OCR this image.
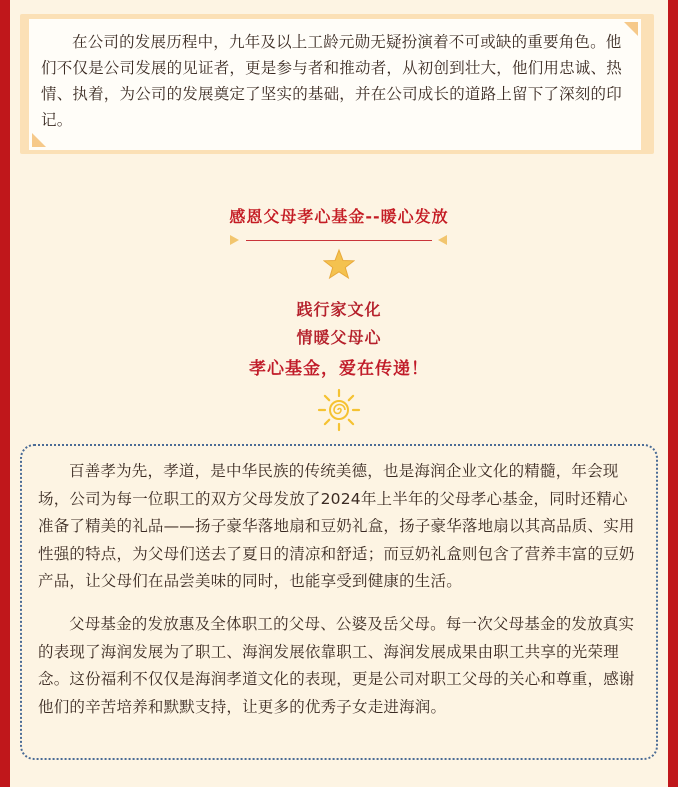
在公司的发展历程中，九年及以上工龄元勋无疑扮演着不可或缺的重要角色。他们不仅是公司发展的见证者，更是参与者和推动者，从初创到壮大，他们用忠诚、热情、执着，为公司的发展奠定了坚实的基础，并在公司成长的道路上留下了深刻的印记。

感恩父母孝心基金--暖心发放

践行家文化

情暖父母心

孝心基金，爱在传递！

百善孝为先，孝道，是中华民族的传统美德，也是海润企业文化的精髓，年会现场，公司为每一位职工的双方父母发放了2024年上半年的父母孝心基金，同时还精心准备了精美的礼品——扬子豪华落地扇和豆奶礼盒，扬子豪华落地扇以其高品质、实用性强的特点，为父母们送去了夏日的清凉和舒适；而豆奶礼盒则包含了营养丰富的豆奶产品，让父母们在品尝美味的同时，也能享受到健康的生活。

父母基金的发放惠及全体职工的父母、公婆及岳父母。每一次父母基金的发放真实的表现了海润发展为了职工、海润发展依靠职工、海润发展成果由职工共享的光荣理念。这份福利不仅仅是海润孝道文化的表现，更是公司对职工父母的关心和尊重，感谢他们的辛苦培养和默默支持，让更多的优秀子女走进海润。
